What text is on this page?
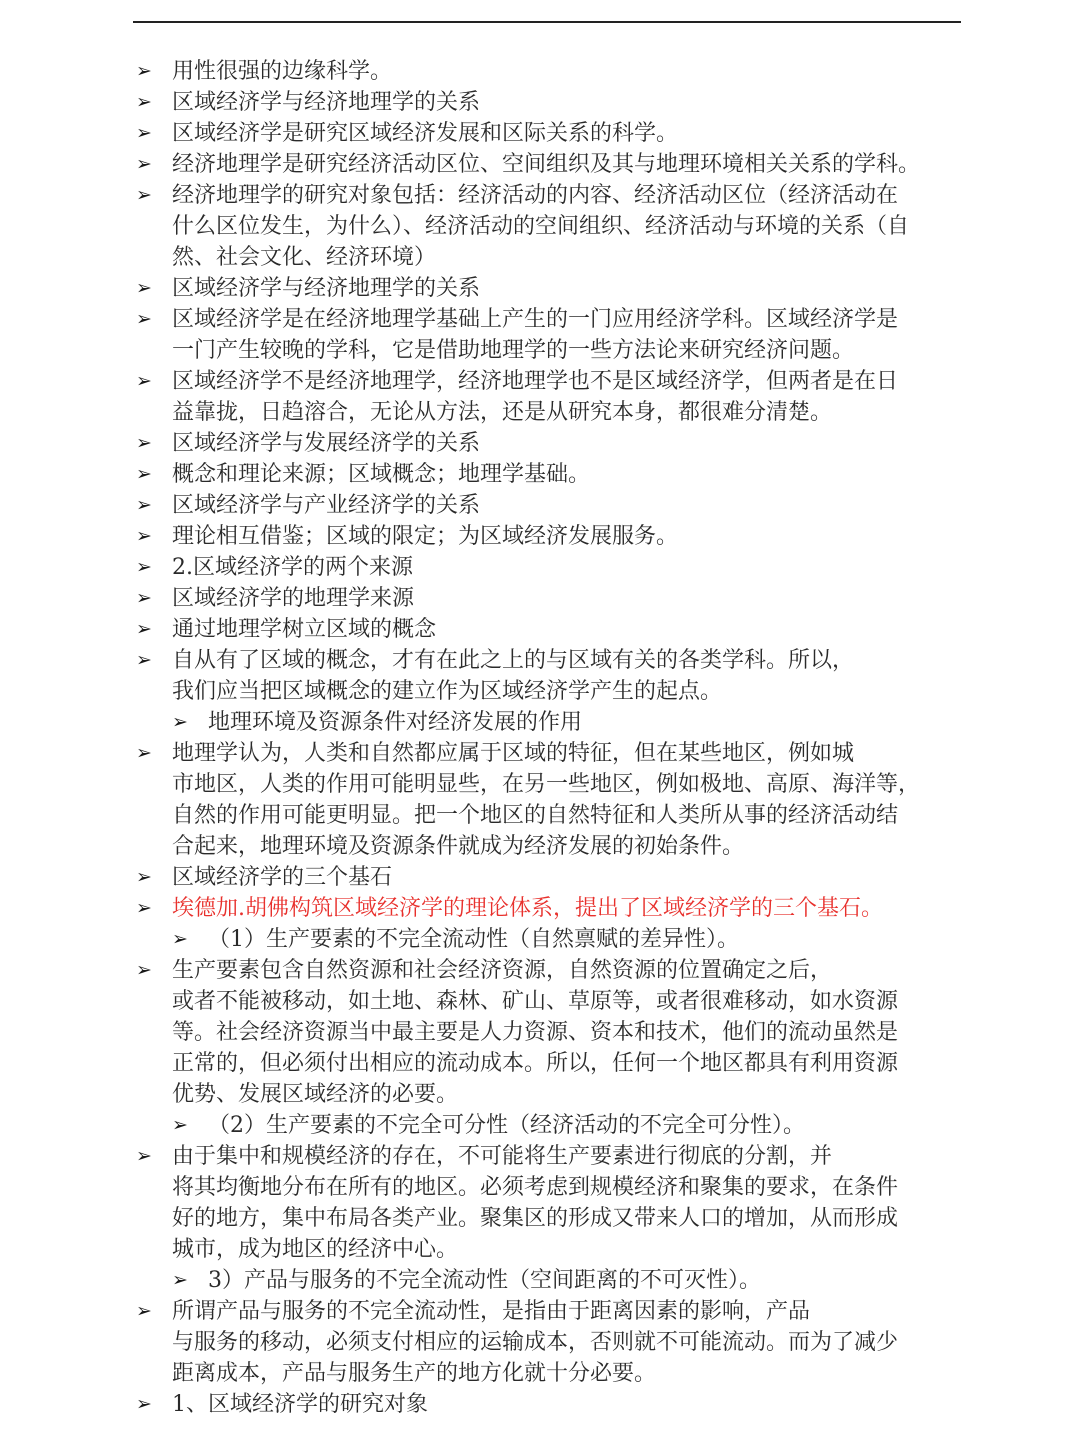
➢ 用性很强的边缘科学。
➢ 区域经济学与经济地理学的关系
➢ 区域经济学是研究区域经济发展和区际关系的科学。
➢ 经济地理学是研究经济活动区位、空间组织及其与地理环境相关关系的学科。
➢ 经济地理学的研究对象包括：经济活动的内容、经济活动区位（经济活动在
什么区位发生，为什么）、经济活动的空间组织、经济活动与环境的关系（自
然、社会文化、经济环境）
➢ 区域经济学与经济地理学的关系
➢ 区域经济学是在经济地理学基础上产生的一门应用经济学科。区域经济学是
一门产生较晚的学科，它是借助地理学的一些方法论来研究经济问题。
➢ 区域经济学不是经济地理学，经济地理学也不是区域经济学，但两者是在日
益靠拢，日趋溶合，无论从方法，还是从研究本身，都很难分清楚。
➢ 区域经济学与发展经济学的关系
➢ 概念和理论来源；区域概念；地理学基础。
➢ 区域经济学与产业经济学的关系
➢ 理论相互借鉴；区域的限定；为区域经济发展服务。
➢ 2.区域经济学的两个来源
➢ 区域经济学的地理学来源
➢ 通过地理学树立区域的概念
➢ 自从有了区域的概念，才有在此之上的与区域有关的各类学科。所以，
我们应当把区域概念的建立作为区域经济学产生的起点。
➢ 地理环境及资源条件对经济发展的作用
➢ 地理学认为，人类和自然都应属于区域的特征，但在某些地区，例如城
市地区，人类的作用可能明显些，在另一些地区，例如极地、高原、海洋等，
自然的作用可能更明显。把一个地区的自然特征和人类所从事的经济活动结
合起来，地理环境及资源条件就成为经济发展的初始条件。
➢ 区域经济学的三个基石
➢ 埃德加.胡佛构筑区域经济学的理论体系，提出了区域经济学的三个基石。
➢ （1）生产要素的不完全流动性（自然禀赋的差异性）。
➢ 生产要素包含自然资源和社会经济资源，自然资源的位置确定之后，
或者不能被移动，如土地、森林、矿山、草原等，或者很难移动，如水资源
等。社会经济资源当中最主要是人力资源、资本和技术，他们的流动虽然是
正常的，但必须付出相应的流动成本。所以，任何一个地区都具有利用资源
优势、发展区域经济的必要。
➢ （2）生产要素的不完全可分性（经济活动的不完全可分性）。
➢ 由于集中和规模经济的存在，不可能将生产要素进行彻底的分割，并
将其均衡地分布在所有的地区。必须考虑到规模经济和聚集的要求，在条件
好的地方，集中布局各类产业。聚集区的形成又带来人口的增加，从而形成
城市，成为地区的经济中心。
➢ 3）产品与服务的不完全流动性（空间距离的不可灭性）。
➢ 所谓产品与服务的不完全流动性，是指由于距离因素的影响，产品
与服务的移动，必须支付相应的运输成本，否则就不可能流动。而为了减少
距离成本，产品与服务生产的地方化就十分必要。
➢ 1、区域经济学的研究对象
